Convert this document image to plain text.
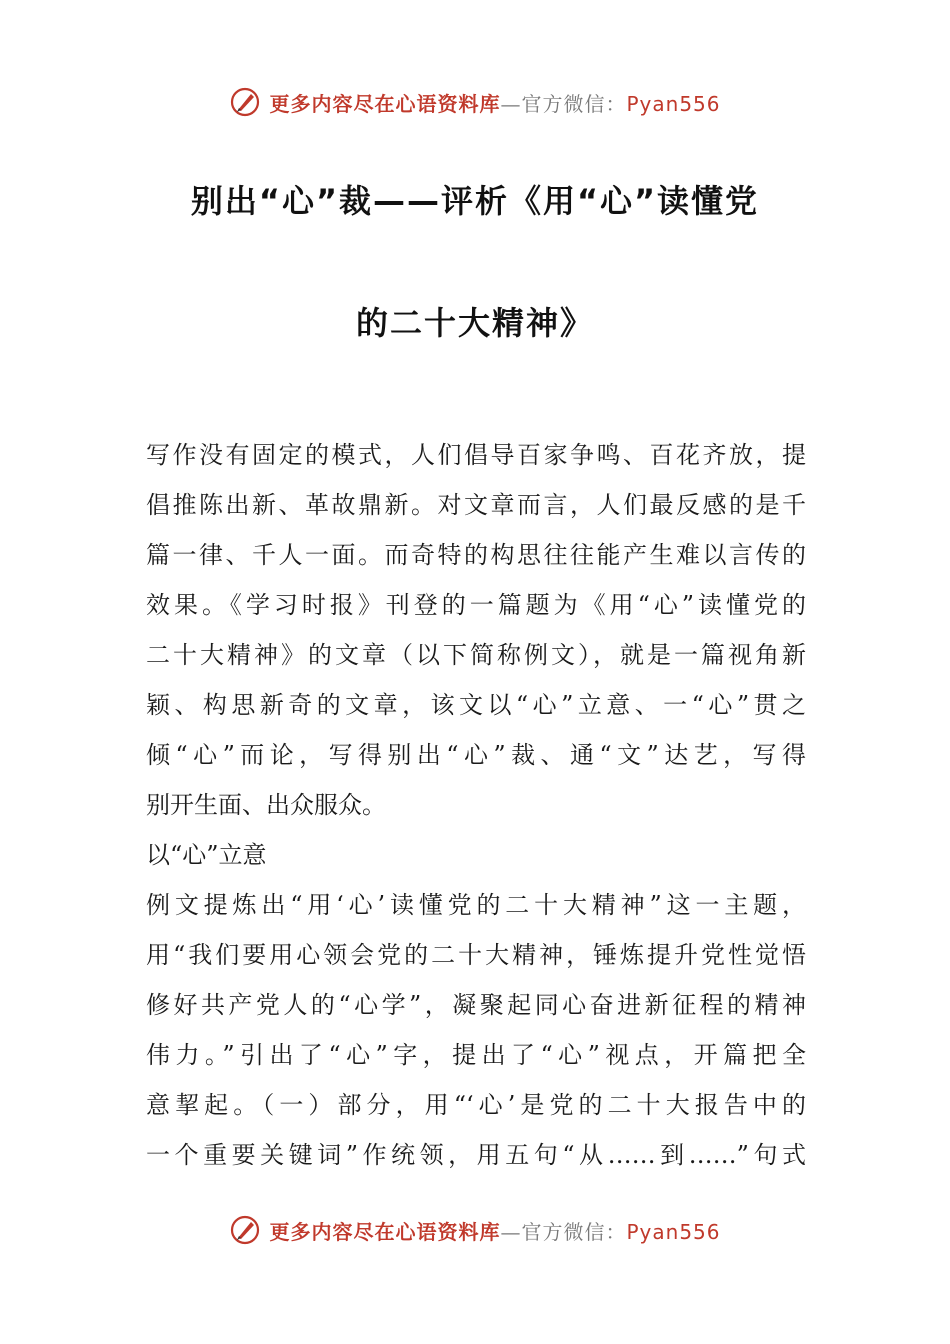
更多内容尽在心语资料库—官方微信：Pyan556
别出“心”裁——评析《用“心”读懂党
的二十大精神》
写作没有固定的模式，人们倡导百家争鸣、百花齐放，提
倡推陈出新、革故鼎新。对文章而言，人们最反感的是千
篇一律、千人一面。而奇特的构思往往能产生难以言传的
效果。《学习时报》刊登的一篇题为《用“心”读懂党的
二十大精神》的文章（以下简称例文），就是一篇视角新
颖、构思新奇的文章，该文以“心”立意、一“心”贯之
倾“心”而论，写得别出“心”裁、通“文”达艺，写得
别开生面、出众服众。
以“心”立意
例文提炼出“用‘心’读懂党的二十大精神”这一主题，
用“我们要用心领会党的二十大精神，锤炼提升党性觉悟
修好共产党人的“心学”，凝聚起同心奋进新征程的精神
伟力。”引出了“心”字，提出了“心”视点，开篇把全
意挈起。（一）部分，用“‘心’是党的二十大报告中的
一个重要关键词”作统领，用五句“从……到……”句式
更多内容尽在心语资料库—官方微信：Pyan556
